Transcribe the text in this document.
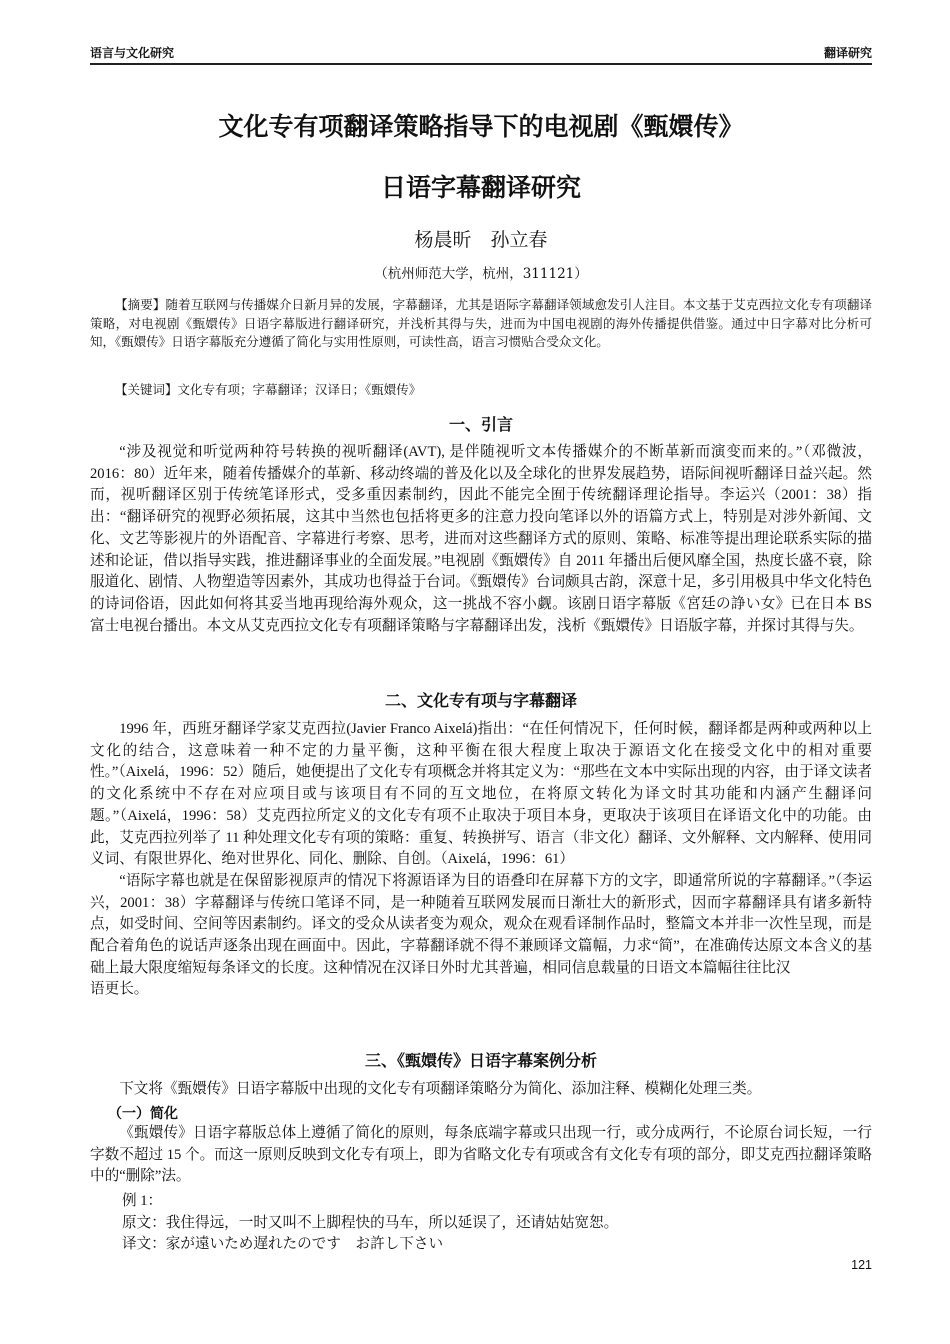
语言与文化研究	翻译研究
文化专有项翻译策略指导下的电视剧《甄嬛传》
日语字幕翻译研究
杨晨昕　孙立春
（杭州师范大学，杭州，311121）
【摘要】随着互联网与传播媒介日新月异的发展，字幕翻译，尤其是语际字幕翻译领域愈发引人注目。本文基于艾克西拉文化专有项翻译策略，对电视剧《甄嬛传》日语字幕版进行翻译研究，并浅析其得与失，进而为中国电视剧的海外传播提供借鉴。通过中日字幕对比分析可知，《甄嬛传》日语字幕版充分遵循了简化与实用性原则，可读性高，语言习惯贴合受众文化。
【关键词】文化专有项；字幕翻译；汉译日；《甄嬛传》
一、引言

“涉及视觉和听觉两种符号转换的视听翻译(AVT), 是伴随视听文本传播媒介的不断革新而演变而来的。”（邓微波，2016：80）近年来，随着传播媒介的革新、移动终端的普及化以及全球化的世界发展趋势，语际间视听翻译日益兴起。然而，视听翻译区别于传统笔译形式，受多重因素制约，因此不能完全囿于传统翻译理论指导。李运兴（2001：38）指出：“翻译研究的视野必须拓展，这其中当然也包括将更多的注意力投向笔译以外的语篇方式上，特别是对涉外新闻、文化、文艺等影视片的外语配音、字幕进行考察、思考，进而对这些翻译方式的原则、策略、标准等提出理论联系实际的描述和论证，借以指导实践，推进翻译事业的全面发展。”电视剧《甄嬛传》自 2011 年播出后便风靡全国，热度长盛不衰，除服道化、剧情、人物塑造等因素外，其成功也得益于台词。《甄嬛传》台词颇具古韵，深意十足，多引用极具中华文化特色的诗词俗语，因此如何将其妥当地再现给海外观众，这一挑战不容小觑。该剧日语字幕版《宮廷の諍い女》已在日本 BS 富士电视台播出。本文从艾克西拉文化专有项翻译策略与字幕翻译出发，浅析《甄嬛传》日语版字幕，并探讨其得与失。

二、文化专有项与字幕翻译

1996 年，西班牙翻译学家艾克西拉(Javier Franco Aixelá)指出：“在任何情况下，任何时候，翻译都是两种或两种以上文化的结合，这意味着一种不定的力量平衡，这种平衡在很大程度上取决于源语文化在接受文化中的相对重要性。”（Aixelá，1996：52）随后，她便提出了文化专有项概念并将其定义为：“那些在文本中实际出现的内容，由于译文读者的文化系统中不存在对应项目或与该项目有不同的互文地位，在将原文转化为译文时其功能和内涵产生翻译问题。”（Aixelá，1996：58）艾克西拉所定义的文化专有项不止取决于项目本身，更取决于该项目在译语文化中的功能。由此，艾克西拉列举了 11 种处理文化专有项的策略：重复、转换拼写、语言（非文化）翻译、文外解释、文内解释、使用同义词、有限世界化、绝对世界化、同化、删除、自创。（Aixelá，1996：61）

“语际字幕也就是在保留影视原声的情况下将源语译为目的语叠印在屏幕下方的文字，即通常所说的字幕翻译。”（李运兴，2001：38）字幕翻译与传统口笔译不同，是一种随着互联网发展而日渐壮大的新形式，因而字幕翻译具有诸多新特点，如受时间、空间等因素制约。译文的受众从读者变为观众，观众在观看译制作品时，整篇文本并非一次性呈现，而是配合着角色的说话声逐条出现在画面中。因此，字幕翻译就不得不兼顾译文篇幅，力求“简”，在准确传达原文本含义的基础上最大限度缩短每条译文的长度。这种情况在汉译日外时尤其普遍，相同信息载量的日语文本篇幅往往比汉

语更长。

三、《甄嬛传》日语字幕案例分析

下文将《甄嬛传》日语字幕版中出现的文化专有项翻译策略分为简化、添加注释、模糊化处理三类。

（一）简化

《甄嬛传》日语字幕版总体上遵循了简化的原则，每条底端字幕或只出现一行，或分成两行，不论原台词长短，一行字数不超过 15 个。而这一原则反映到文化专有项上，即为省略文化专有项或含有文化专有项的部分，即艾克西拉翻译策略中的“删除”法。

例 1：
原文：我住得远，一时又叫不上脚程快的马车，所以延误了，还请姑姑宽恕。
译文：家が遠いため遅れたのです　お許し下さい
121
